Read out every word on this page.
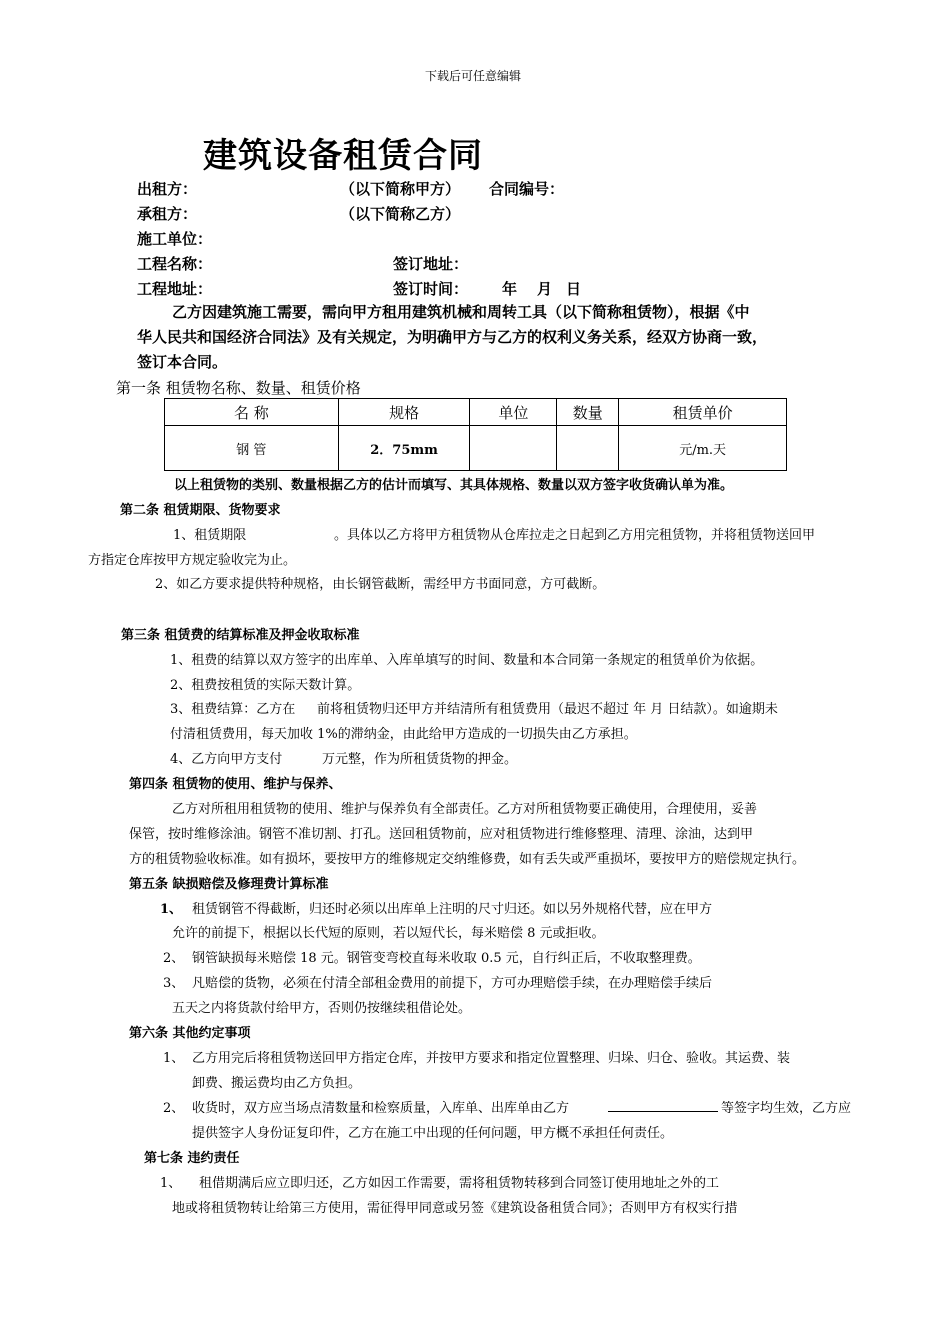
下载后可任意编辑
建筑设备租赁合同
出租方：	（以下简称甲方） 合同编号：
承租方：	（以下简称乙方）
施工单位：
工程名称：	签订地址：
工程地址：	签订时间： 年 月 日
乙方因建筑施工需要，需向甲方租用建筑机械和周转工具（以下简称租赁物），根据《中
华人民共和国经济合同法》及有关规定，为明确甲方与乙方的权利义务关系，经双方协商一致，
签订本合同。
第一条 租赁物名称、数量、租赁价格
名 称	规格	单位	数量	租赁单价
钢 管	2．75mm			元/m.天
以上租赁物的类别、数量根据乙方的估计而填写、其具体规格、数量以双方签字收货确认单为准。
第二条 租赁期限、货物要求
1、租赁期限	。具体以乙方将甲方租赁物从仓库拉走之日起到乙方用完租赁物，并将租赁物送回甲
方指定仓库按甲方规定验收完为止。
2、如乙方要求提供特种规格，由长钢管截断，需经甲方书面同意，方可截断。
第三条 租赁费的结算标准及押金收取标准
1、租费的结算以双方签字的出库单、入库单填写的时间、数量和本合同第一条规定的租赁单价为依据。
2、租费按租赁的实际天数计算。
3、租费结算：乙方在 前将租赁物归还甲方并结清所有租赁费用（最迟不超过 年 月 日结款）。如逾期未
付清租赁费用，每天加收 1%的滞纳金，由此给甲方造成的一切损失由乙方承担。
4、乙方向甲方支付	万元整，作为所租赁货物的押金。
第四条 租赁物的使用、维护与保养、
乙方对所租用租赁物的使用、维护与保养负有全部责任。乙方对所租赁物要正确使用，合理使用，妥善
保管，按时维修涂油。钢管不准切割、打孔。送回租赁物前，应对租赁物进行维修整理、清理、涂油，达到甲
方的租赁物验收标准。如有损坏，要按甲方的维修规定交纳维修费，如有丢失或严重损坏，要按甲方的赔偿规定执行。
第五条 缺损赔偿及修理费计算标准
1、 租赁钢管不得截断，归还时必须以出库单上注明的尺寸归还。如以另外规格代替，应在甲方
允许的前提下，根据以长代短的原则，若以短代长，每米赔偿 8 元或拒收。
2、 钢管缺损每米赔偿 18 元。钢管变弯校直每米收取 0.5 元，自行纠正后，不收取整理费。
3、 凡赔偿的货物，必须在付清全部租金费用的前提下，方可办理赔偿手续，在办理赔偿手续后
五天之内将货款付给甲方，否则仍按继续租借论处。
第六条 其他约定事项
1、 乙方用完后将租赁物送回甲方指定仓库，并按甲方要求和指定位置整理、归垛、归仓、验收。其运费、装
卸费、搬运费均由乙方负担。
2、 收货时，双方应当场点清数量和检察质量，入库单、出库单由乙方	等签字均生效，乙方应
提供签字人身份证复印件，乙方在施工中出现的任何问题，甲方概不承担任何责任。
第七条 违约责任
1、 租借期满后应立即归还，乙方如因工作需要，需将租赁物转移到合同签订使用地址之外的工
地或将租赁物转让给第三方使用，需征得甲同意或另签《建筑设备租赁合同》；否则甲方有权实行措
